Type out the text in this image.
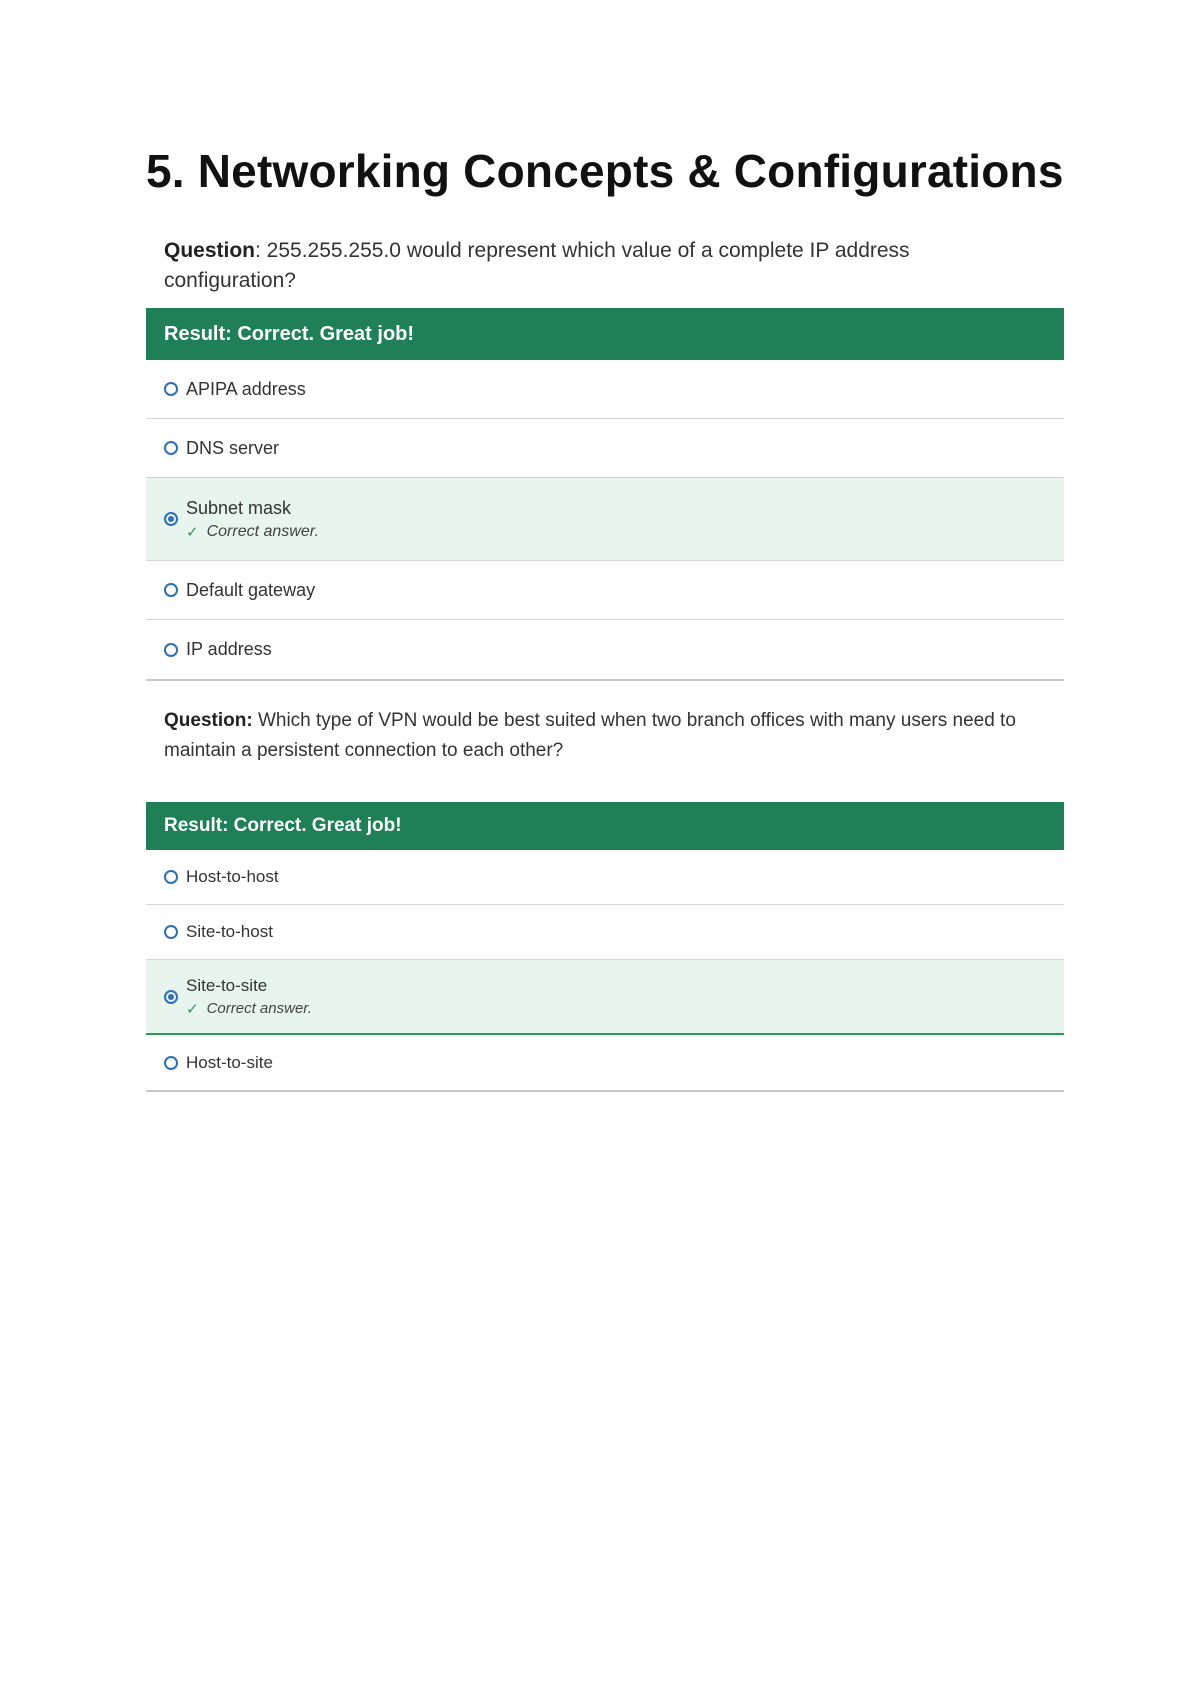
5. Networking Concepts & Configurations
Question: 255.255.255.0 would represent which value of a complete IP address configuration?
Result: Correct. Great job!
APIPA address
DNS server
Subnet mask
✓ Correct answer.
Default gateway
IP address
Question: Which type of VPN would be best suited when two branch offices with many users need to maintain a persistent connection to each other?
Result: Correct. Great job!
Host-to-host
Site-to-host
Site-to-site
✓ Correct answer.
Host-to-site
